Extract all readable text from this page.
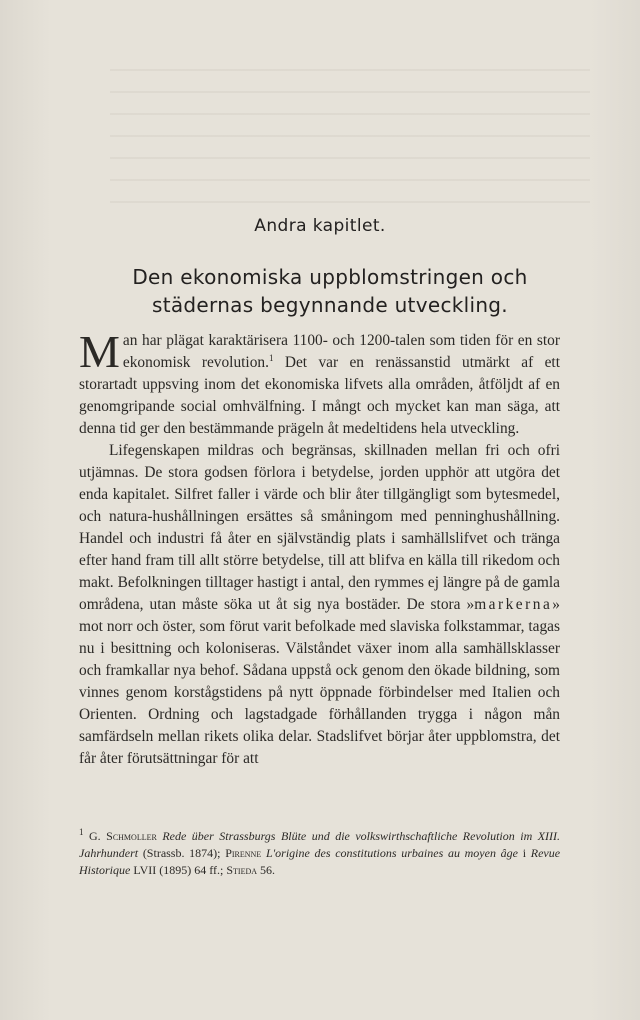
Andra kapitlet.
Den ekonomiska uppblomstringen och städernas begynnande utveckling.

Man har plägat karaktärisera 1100- och 1200-talen som tiden för en stor ekonomisk revolution.$^1$ Det var en renässanstid utmärkt af ett storartadt uppsving inom det ekonomiska lifvets alla områden, åtföljdt af en genomgripande social omhvälfning. I mångt och mycket kan man säga, att denna tid ger den bestämmande prägeln åt medeltidens hela utveckling.

Lifegenskapen mildras och begränsas, skillnaden mellan fri och ofri utjämnas. De stora godsen förlora i betydelse, jorden upphör att utgöra det enda kapitalet. Silfret faller i värde och blir åter tillgängligt som bytesmedel, och natura-hushållningen ersättes så småningom med penninghushållning. Handel och industri få åter en självständig plats i samhällslifvet och tränga efter hand fram till allt större betydelse, till att blifva en källa till rikedom och makt. Befolkningen tilltager hastigt i antal, den rymmes ej längre på de gamla områdena, utan måste söka ut åt sig nya bostäder. De stora »markerna» mot norr och öster, som förut varit befolkade med slaviska folkstammar, tagas nu i besittning och koloniseras. Välståndet växer inom alla samhällsklasser och framkallar nya behof. Sådana uppstå ock genom den ökade bildning, som vinnes genom korstågstidens på nytt öppnade förbindelser med Italien och Orienten. Ordning och lagstadgade förhållanden trygga i någon mån samfärdseln mellan rikets olika delar. Stadslifvet börjar åter uppblomstra, det får åter förutsättningar för att

$^1$ G. Schmoller Rede über Strassburgs Blüte und die volkswirthschaftliche Revolution im XIII. Jahrhundert (Strassb. 1874); Pirenne L'origine des constitutions urbaines au moyen âge i Revue Historique LVII (1895) 64 ff.; Stieda 56.
